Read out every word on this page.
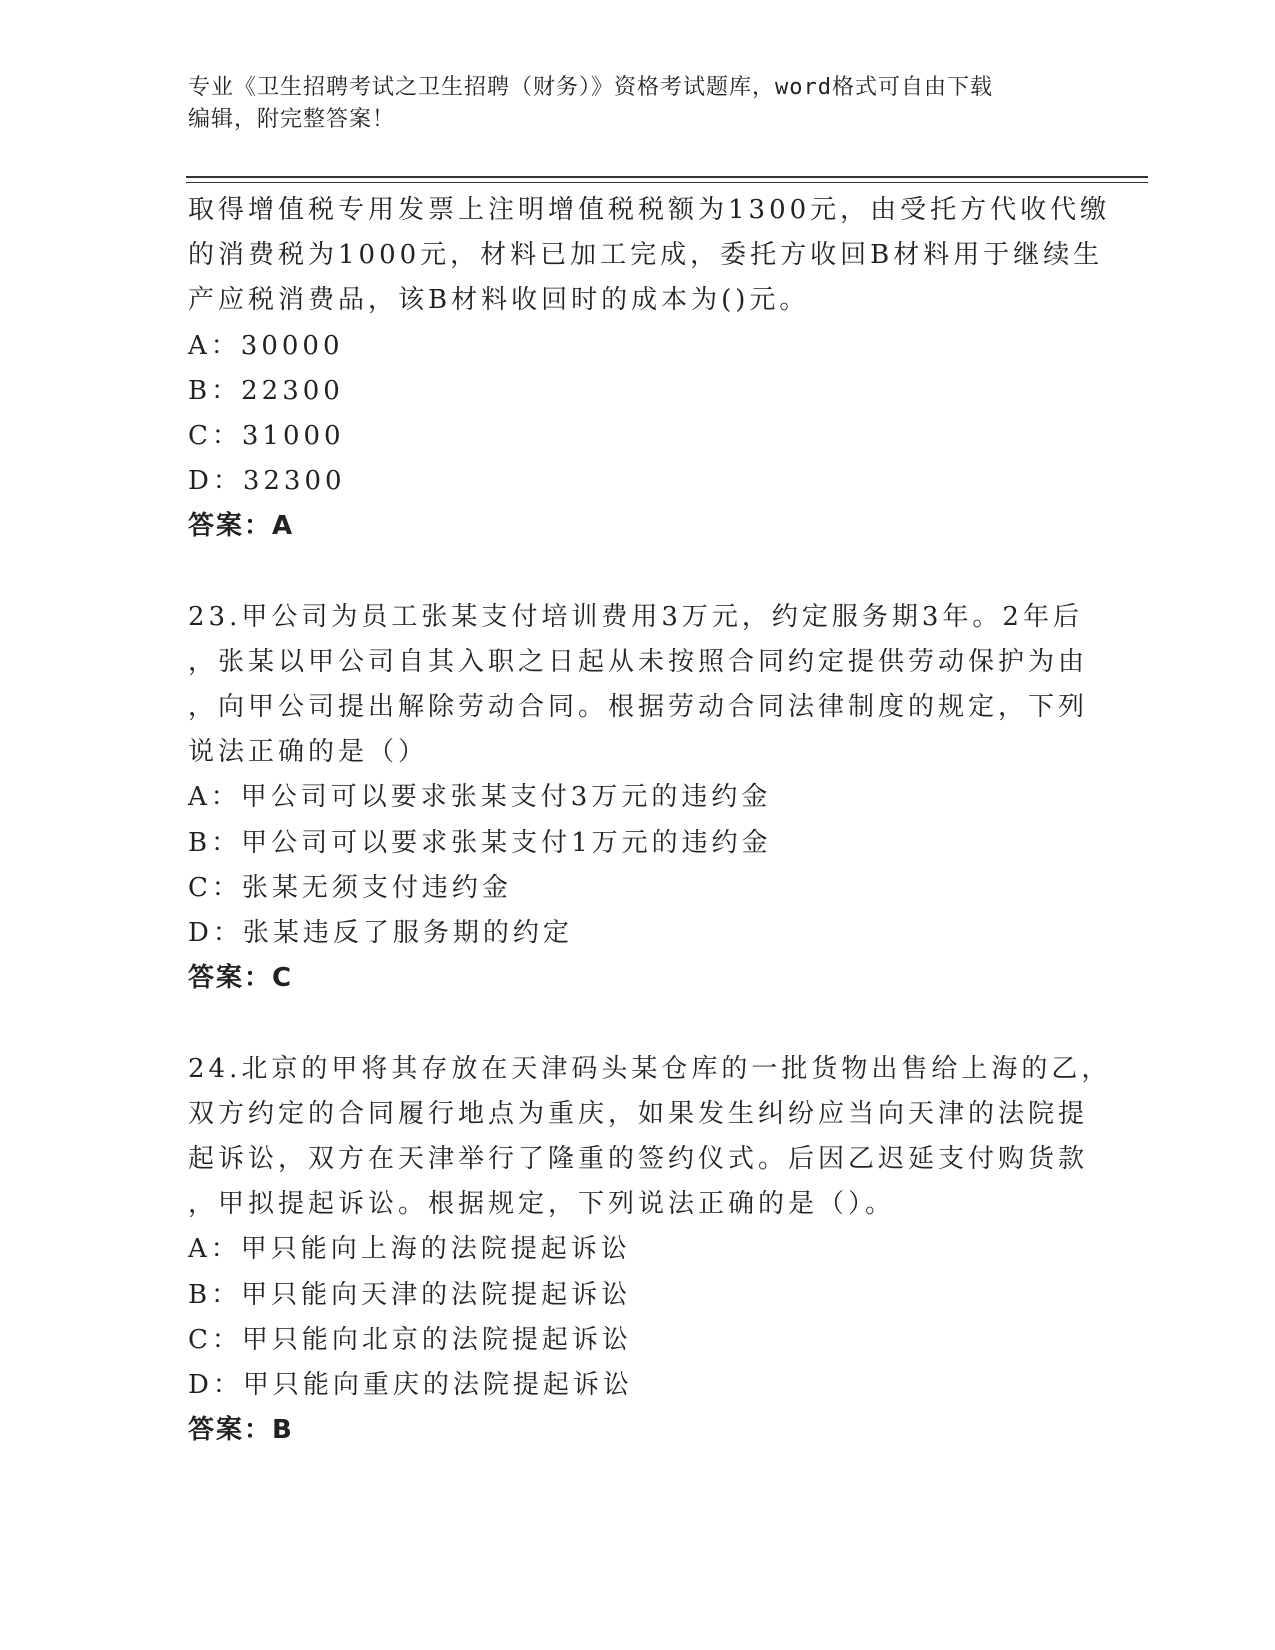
专业《卫生招聘考试之卫生招聘（财务）》资格考试题库，word格式可自由下载
编辑，附完整答案！
取得增值税专用发票上注明增值税税额为1300元，由受托方代收代缴
的消费税为1000元，材料已加工完成，委托方收回B材料用于继续生
产应税消费品，该B材料收回时的成本为()元。
A：30000
B：22300
C：31000
D：32300
答案：A
23.甲公司为员工张某支付培训费用3万元，约定服务期3年。2年后
，张某以甲公司自其入职之日起从未按照合同约定提供劳动保护为由
，向甲公司提出解除劳动合同。根据劳动合同法律制度的规定，下列
说法正确的是（）
A：甲公司可以要求张某支付3万元的违约金
B：甲公司可以要求张某支付1万元的违约金
C：张某无须支付违约金
D：张某违反了服务期的约定
答案：C
24.北京的甲将其存放在天津码头某仓库的一批货物出售给上海的乙，
双方约定的合同履行地点为重庆，如果发生纠纷应当向天津的法院提
起诉讼，双方在天津举行了隆重的签约仪式。后因乙迟延支付购货款
，甲拟提起诉讼。根据规定，下列说法正确的是（）。
A：甲只能向上海的法院提起诉讼
B：甲只能向天津的法院提起诉讼
C：甲只能向北京的法院提起诉讼
D：甲只能向重庆的法院提起诉讼
答案：B
